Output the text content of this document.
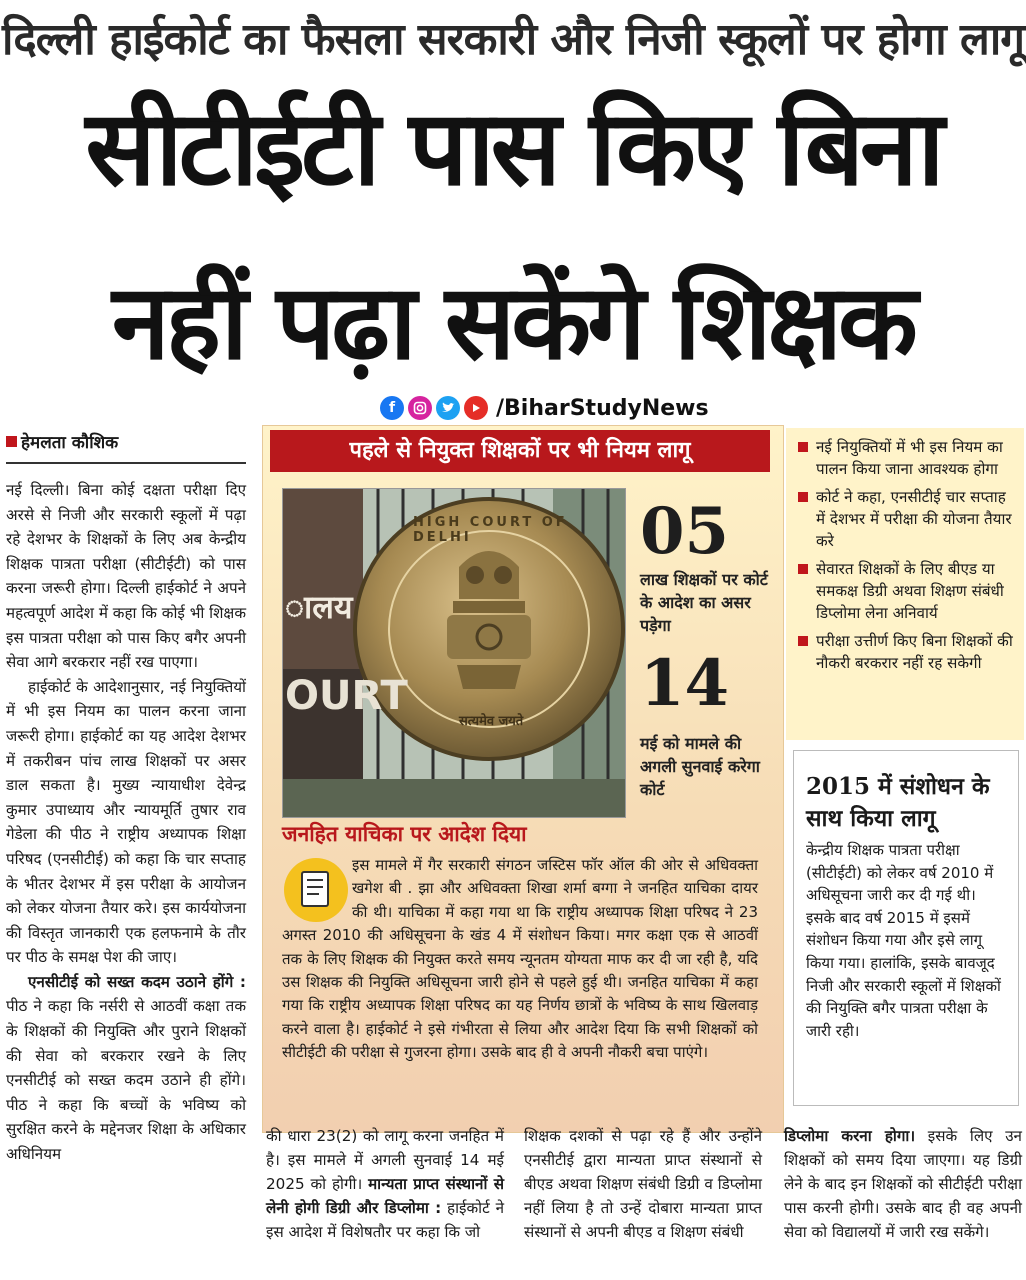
दिल्ली हाईकोर्ट का फैसला सरकारी और निजी स्कूलों पर होगा लागू
सीटीईटी पास किए बिना
नहीं पढ़ा सकेंगे शिक्षक
f	/BiharStudyNews
हेमलता कौशिक

नई दिल्ली। बिना कोई दक्षता परीक्षा दिए अरसे से निजी और सरकारी स्कूलों में पढ़ा रहे देशभर के शिक्षकों के लिए अब केन्द्रीय शिक्षक पात्रता परीक्षा (सीटीईटी) को पास करना जरूरी होगा। दिल्ली हाईकोर्ट ने अपने महत्वपूर्ण आदेश में कहा कि कोई भी शिक्षक इस पात्रता परीक्षा को पास किए बगैर अपनी सेवा आगे बरकरार नहीं रख पाएगा।

हाईकोर्ट के आदेशानुसार, नई नियुक्तियों में भी इस नियम का पालन करना जाना जरूरी होगा। हाईकोर्ट का यह आदेश देशभर में तकरीबन पांच लाख शिक्षकों पर असर डाल सकता है। मुख्य न्यायाधीश देवेन्द्र कुमार उपाध्याय और न्यायमूर्ति तुषार राव गेडेला की पीठ ने राष्ट्रीय अध्यापक शिक्षा परिषद (एनसीटीई) को कहा कि चार सप्ताह के भीतर देशभर में इस परीक्षा के आयोजन को लेकर योजना तैयार करे। इस कार्ययोजना की विस्तृत जानकारी एक हलफनामे के तौर पर पीठ के समक्ष पेश की जाए।

एनसीटीई को सख्त कदम उठाने होंगे : पीठ ने कहा कि नर्सरी से आठवीं कक्षा तक के शिक्षकों की नियुक्ति और पुराने शिक्षकों की सेवा को बरकरार रखने के लिए एनसीटीई को सख्त कदम उठाने ही होंगे। पीठ ने कहा कि बच्चों के भविष्य को सुरक्षित करने के मद्देनजर शिक्षा के अधिकार अधिनियम

पहले से नियुक्त शिक्षकों पर भी नियम लागू
HIGH COURT OF DELHI
सत्यमेव जयते
ालय
OURT
05
लाख शिक्षकों पर कोर्ट के आदेश का असर पड़ेगा
14
मई को मामले की अगली सुनवाई करेगा कोर्ट
जनहित याचिका पर आदेश दिया
इस मामले में गैर सरकारी संगठन जस्टिस फॉर ऑल की ओर से अधिवक्ता खगेश बी . झा और अधिवक्ता शिखा शर्मा बग्गा ने जनहित याचिका दायर की थी। याचिका में कहा गया था कि राष्ट्रीय अध्यापक शिक्षा परिषद ने 23 अगस्त 2010 की अधिसूचना के खंड 4 में संशोधन किया। मगर कक्षा एक से आठवीं तक के लिए शिक्षक की नियुक्त करते समय न्यूनतम योग्यता माफ कर दी जा रही है, यदि उस शिक्षक की नियुक्ति अधिसूचना जारी होने से पहले हुई थी। जनहित याचिका में कहा गया कि राष्ट्रीय अध्यापक शिक्षा परिषद का यह निर्णय छात्रों के भविष्य के साथ खिलवाड़ करने वाला है। हाईकोर्ट ने इसे गंभीरता से लिया और आदेश दिया कि सभी शिक्षकों को सीटीईटी की परीक्षा से गुजरना होगा। उसके बाद ही वे अपनी नौकरी बचा पाएंगे।
नई नियुक्तियों में भी इस नियम का पालन किया जाना आवश्यक होगा
कोर्ट ने कहा, एनसीटीई चार सप्ताह में देशभर में परीक्षा की योजना तैयार करे
सेवारत शिक्षकों के लिए बीएड या समकक्ष डिग्री अथवा शिक्षण संबंधी डिप्लोमा लेना अनिवार्य
परीक्षा उत्तीर्ण किए बिना शिक्षकों की नौकरी बरकरार नहीं रह सकेगी
2015 में संशोधन के साथ किया लागू
केन्द्रीय शिक्षक पात्रता परीक्षा (सीटीईटी) को लेकर वर्ष 2010 में अधिसूचना जारी कर दी गई थी। इसके बाद वर्ष 2015 में इसमें संशोधन किया गया और इसे लागू किया गया। हालांकि, इसके बावजूद निजी और सरकारी स्कूलों में शिक्षकों की नियुक्ति बगैर पात्रता परीक्षा के जारी रही।
की धारा 23(2) को लागू करना जनहित में है। इस मामले में अगली सुनवाई 14 मई 2025 को होगी। मान्यता प्राप्त संस्थानों से लेनी होगी डिग्री और डिप्लोमा : हाईकोर्ट ने इस आदेश में विशेषतौर पर कहा कि जो
शिक्षक दशकों से पढ़ा रहे हैं और उन्होंने एनसीटीई द्वारा मान्यता प्राप्त संस्थानों से बीएड अथवा शिक्षण संबंधी डिग्री व डिप्लोमा नहीं लिया है तो उन्हें दोबारा मान्यता प्राप्त संस्थानों से अपनी बीएड व शिक्षण संबंधी
डिप्लोमा करना होगा। इसके लिए उन शिक्षकों को समय दिया जाएगा। यह डिग्री लेने के बाद इन शिक्षकों को सीटीईटी परीक्षा पास करनी होगी। उसके बाद ही वह अपनी सेवा को विद्यालयों में जारी रख सकेंगे।
